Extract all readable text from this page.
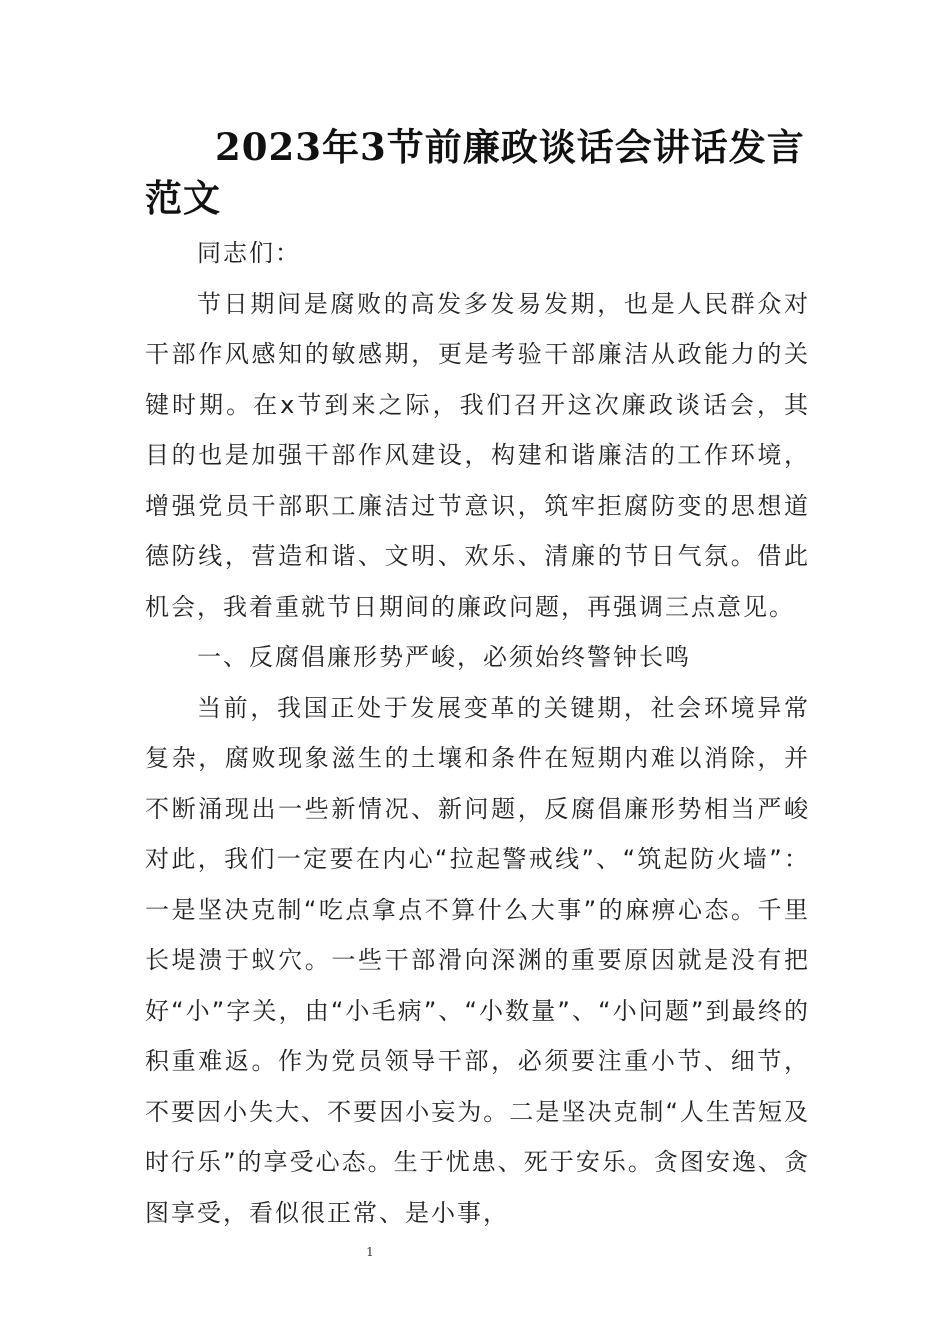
2023年3节前廉政谈话会讲话发言范文

同志们：

节日期间是腐败的高发多发易发期，也是人民群众对干部作风感知的敏感期，更是考验干部廉洁从政能力的关键时期。在x节到来之际，我们召开这次廉政谈话会，其目的也是加强干部作风建设，构建和谐廉洁的工作环境，增强党员干部职工廉洁过节意识，筑牢拒腐防变的思想道德防线，营造和谐、文明、欢乐、清廉的节日气氛。借此机会，我着重就节日期间的廉政问题，再强调三点意见。

一、反腐倡廉形势严峻，必须始终警钟长鸣

当前，我国正处于发展变革的关键期，社会环境异常复杂，腐败现象滋生的土壤和条件在短期内难以消除，并不断涌现出一些新情况、新问题，反腐倡廉形势相当严峻对此，我们一定要在内心“拉起警戒线”、“筑起防火墙”：一是坚决克制“吃点拿点不算什么大事”的麻痹心态。千里长堤溃于蚁穴。一些干部滑向深渊的重要原因就是没有把好“小”字关，由“小毛病”、“小数量”、“小问题”到最终的积重难返。作为党员领导干部，必须要注重小节、细节，不要因小失大、不要因小妄为。二是坚决克制“人生苦短及时行乐”的享受心态。生于忧患、死于安乐。贪图安逸、贪图享受，看似很正常、是小事，

1
